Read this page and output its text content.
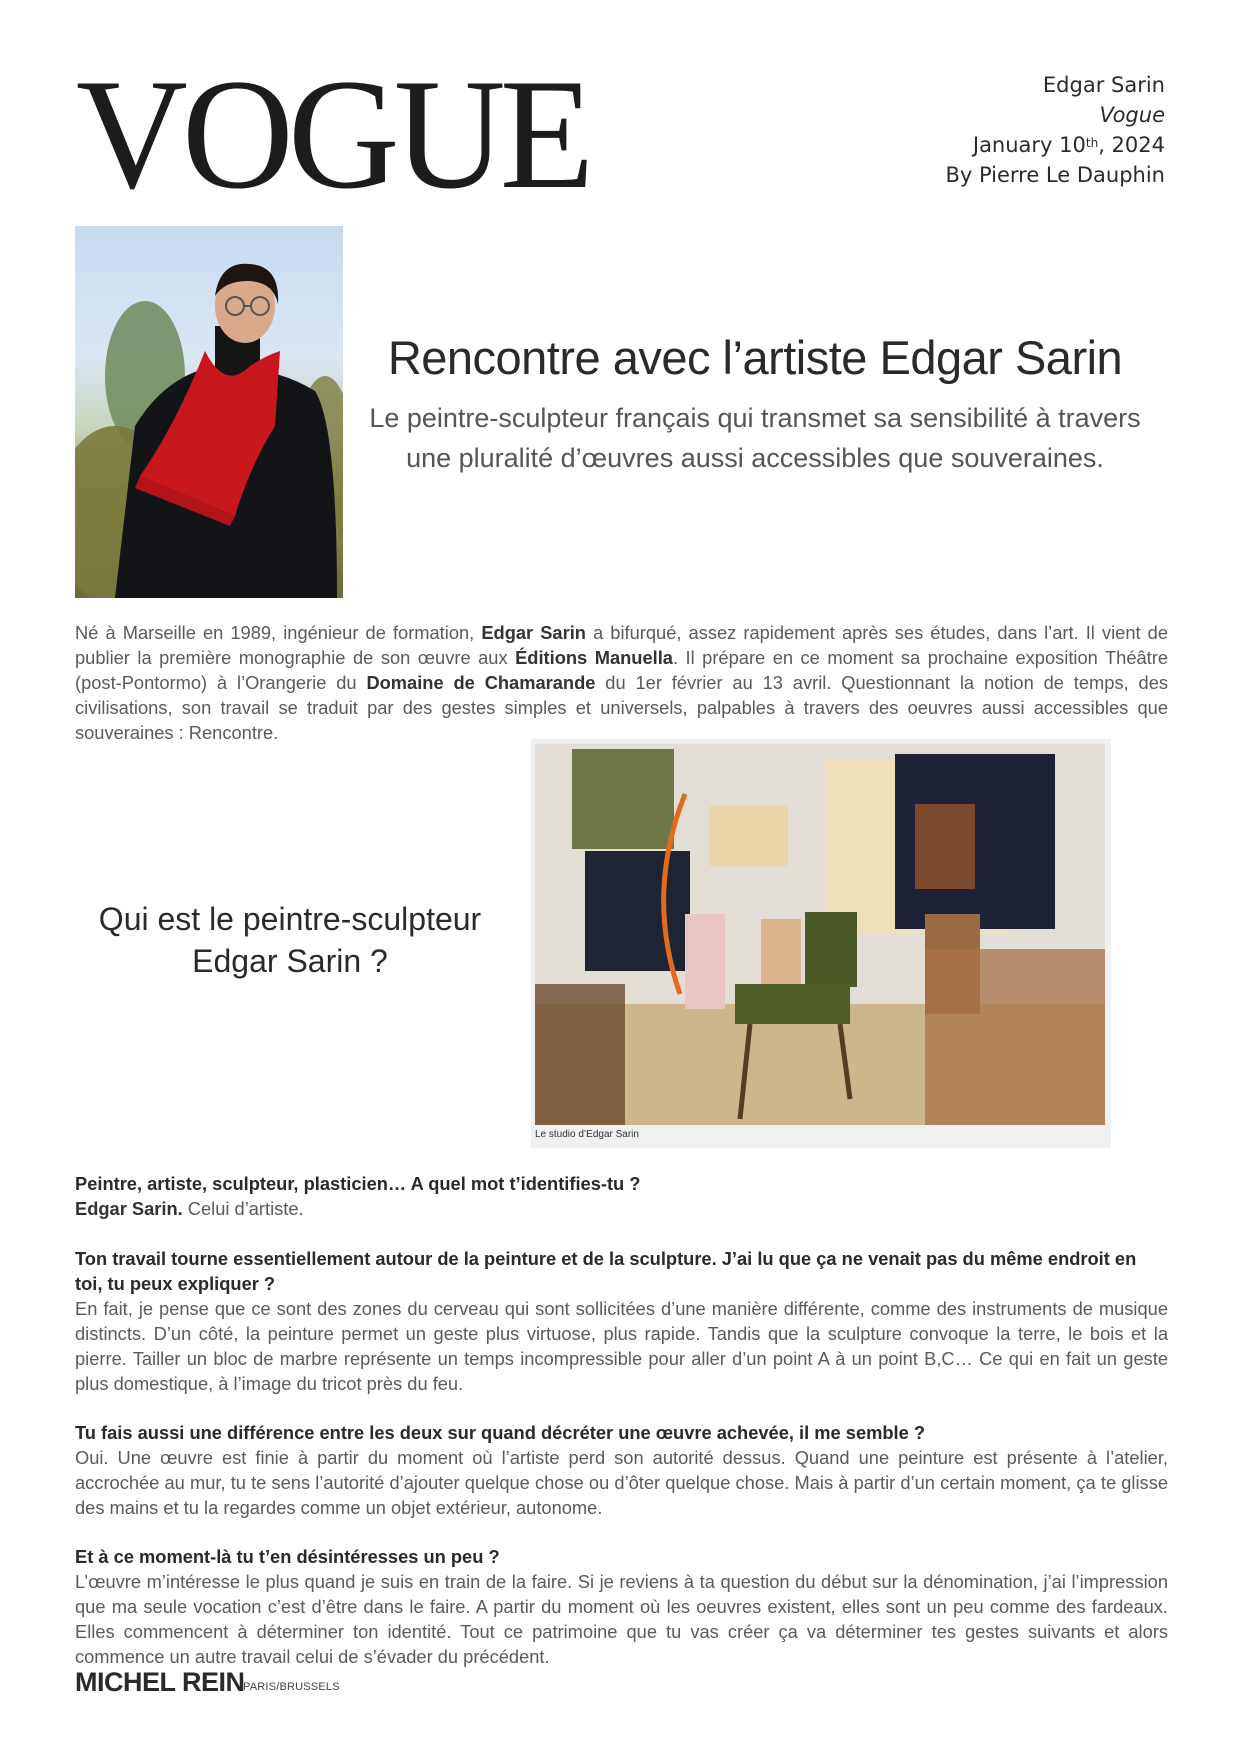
VOGUE	Edgar Sarin
Vogue
January 10th, 2024
By Pierre Le Dauphin
Rencontre avec l’artiste Edgar Sarin

Le peintre-sculpteur français qui transmet sa sensibilité à travers une pluralité d’œuvres aussi accessibles que souveraines.

Né à Marseille en 1989, ingénieur de formation, Edgar Sarin a bifurqué, assez rapidement après ses études, dans l’art. Il vient de publier la première monographie de son œuvre aux Éditions Manuella. Il prépare en ce moment sa prochaine exposition Théâtre (post-Pontormo) à l’Orangerie du Domaine de Chamarande du 1er février au 13 avril. Questionnant la notion de temps, des civilisations, son travail se traduit par des gestes simples et universels, palpables à travers des oeuvres aussi accessibles que souveraines : Rencontre.

Qui est le peintre-sculpteur Edgar Sarin ?
Le studio d’Edgar Sarin
Peintre, artiste, sculpteur, plasticien… A quel mot t’identifies-tu ?
Edgar Sarin. Celui d’artiste.
Ton travail tourne essentiellement autour de la peinture et de la sculpture. J’ai lu que ça ne venait pas du même endroit en toi, tu peux expliquer ?
En fait, je pense que ce sont des zones du cerveau qui sont sollicitées d’une manière différente, comme des instruments de musique distincts. D’un côté, la peinture permet un geste plus virtuose, plus rapide. Tandis que la sculpture convoque la terre, le bois et la pierre. Tailler un bloc de marbre représente un temps incompressible pour aller d’un point A à un point B,C… Ce qui en fait un geste plus domestique, à l’image du tricot près du feu.
Tu fais aussi une différence entre les deux sur quand décréter une œuvre achevée, il me semble ?
Oui. Une œuvre est finie à partir du moment où l’artiste perd son autorité dessus. Quand une peinture est présente à l’atelier, accrochée au mur, tu te sens l’autorité d’ajouter quelque chose ou d’ôter quelque chose. Mais à partir d’un certain moment, ça te glisse des mains et tu la regardes comme un objet extérieur, autonome.
Et à ce moment-là tu t’en désintéresses un peu ?
L’œuvre m’intéresse le plus quand je suis en train de la faire. Si je reviens à ta question du début sur la dénomination, j’ai l’impression que ma seule vocation c’est d’être dans le faire. A partir du moment où les oeuvres existent, elles sont un peu comme des fardeaux. Elles commencent à déterminer ton identité. Tout ce patrimoine que tu vas créer ça va déterminer tes gestes suivants et alors commence un autre travail celui de s’évader du précédent.
MICHEL REIN
PARIS/BRUSSELS
